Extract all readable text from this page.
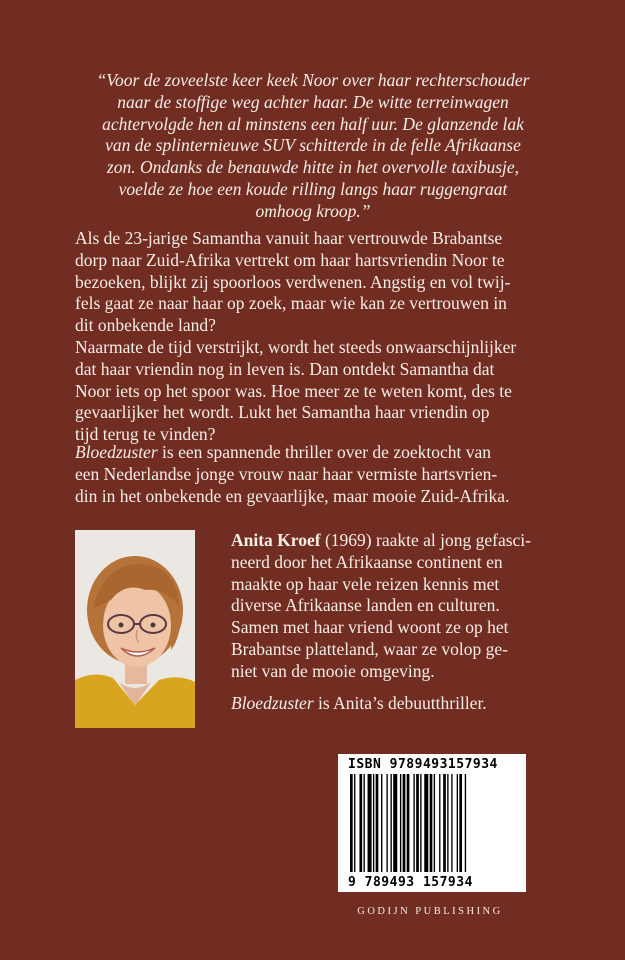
“Voor de zoveelste keer keek Noor over haar rechterschouder
naar de stoffige weg achter haar. De witte terreinwagen
achtervolgde hen al minstens een half uur. De glanzende lak
van de splinternieuwe SUV schitterde in de felle Afrikaanse
zon. Ondanks de benauwde hitte in het overvolle taxibusje,
voelde ze hoe een koude rilling langs haar ruggengraat
omhoog kroop.”
Als de 23-jarige Samantha vanuit haar vertrouwde Brabantse
dorp naar Zuid-Afrika vertrekt om haar hartsvriendin Noor te
bezoeken, blijkt zij spoorloos verdwenen. Angstig en vol twij-
fels gaat ze naar haar op zoek, maar wie kan ze vertrouwen in
dit onbekende land?
Naarmate de tijd verstrijkt, wordt het steeds onwaarschijnlijker
dat haar vriendin nog in leven is. Dan ontdekt Samantha dat
Noor iets op het spoor was. Hoe meer ze te weten komt, des te
gevaarlijker het wordt. Lukt het Samantha haar vriendin op
tijd terug te vinden?
Bloedzuster is een spannende thriller over de zoektocht van
een Nederlandse jonge vrouw naar haar vermiste hartsvrien-
din in het onbekende en gevaarlijke, maar mooie Zuid-Afrika.
Anita Kroef (1969) raakte al jong gefasci-
neerd door het Afrikaanse continent en
maakte op haar vele reizen kennis met
diverse Afrikaanse landen en culturen.
Samen met haar vriend woont ze op het
Brabantse platteland, waar ze volop ge-
niet van de mooie omgeving.
Bloedzuster is Anita’s debuutthriller.
ISBN 9789493157934
9 789493 157934
GODIJN PUBLISHING
